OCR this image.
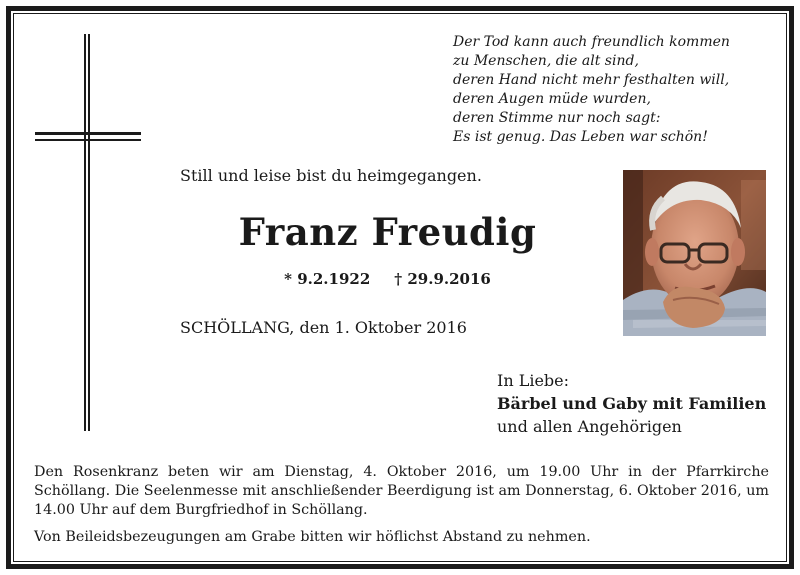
Der Tod kann auch freundlich kommen
zu Menschen, die alt sind,
deren Hand nicht mehr festhalten will,
deren Augen müde wurden,
deren Stimme nur noch sagt:
Es ist genug. Das Leben war schön!
Still und leise bist du heimgegangen.
Franz Freudig
* 9.2.1922 † 29.9.2016
SCHÖLLANG, den 1. Oktober 2016
In Liebe:
Bärbel und Gaby mit Familien
und allen Angehörigen

Den Rosenkranz beten wir am Dienstag, 4. Oktober 2016, um 19.00 Uhr in der Pfarrkirche Schöllang. Die Seelenmesse mit anschließender Beerdigung ist am Donnerstag, 6. Oktober 2016, um 14.00 Uhr auf dem Burgfriedhof in Schöllang.

Von Beileidsbezeugungen am Grabe bitten wir höflichst Abstand zu nehmen.
